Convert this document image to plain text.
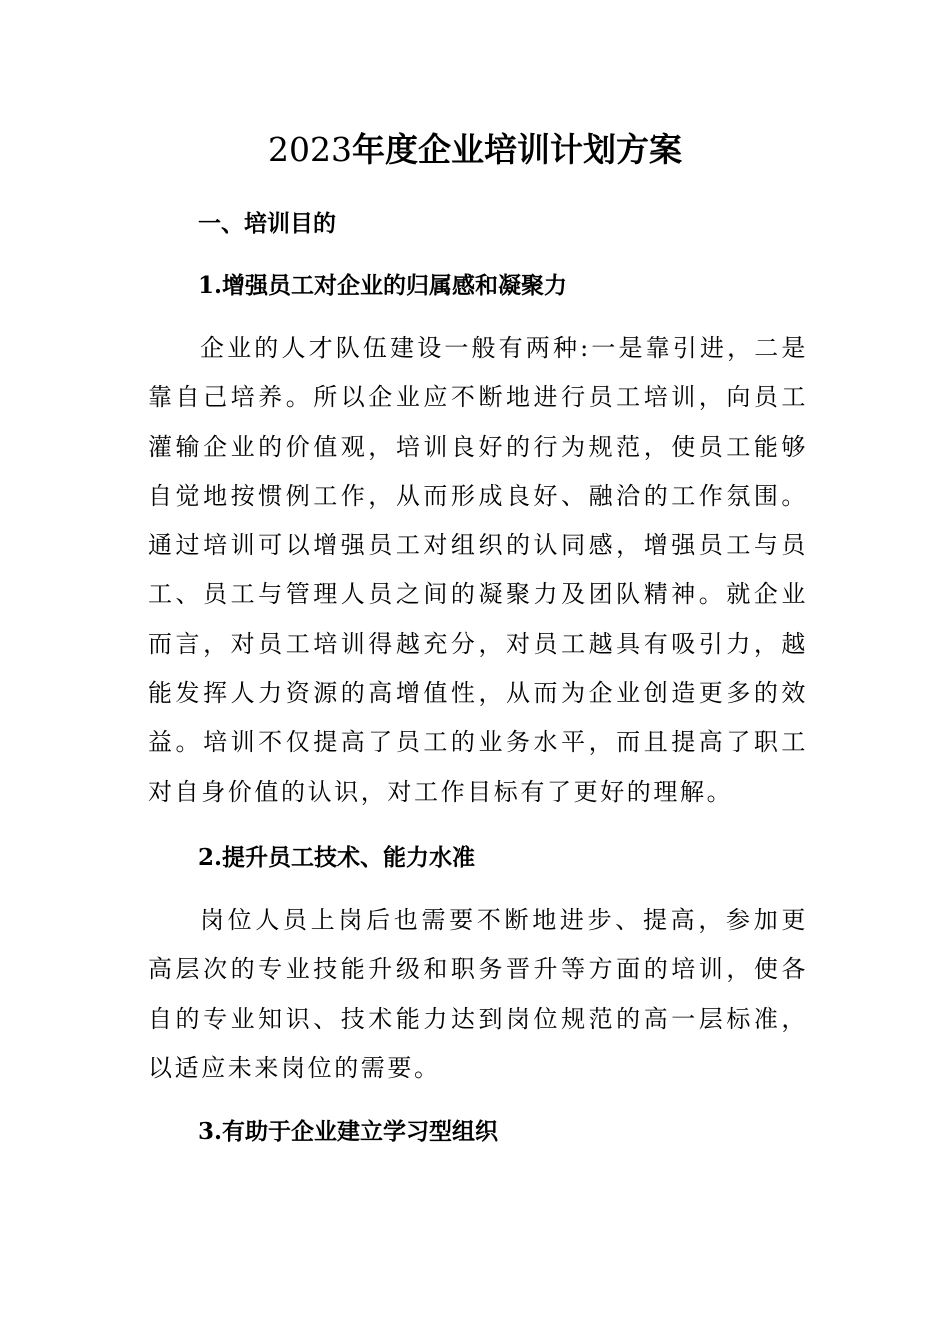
2023年度企业培训计划方案
一、培训目的
1.增强员工对企业的归属感和凝聚力

企业的人才队伍建设一般有两种:一是靠引进，二是靠自己培养。所以企业应不断地进行员工培训，向员工灌输企业的价值观，培训良好的行为规范，使员工能够自觉地按惯例工作，从而形成良好、融洽的工作氛围。通过培训可以增强员工对组织的认同感，增强员工与员工、员工与管理人员之间的凝聚力及团队精神。就企业而言，对员工培训得越充分，对员工越具有吸引力，越能发挥人力资源的高增值性，从而为企业创造更多的效益。培训不仅提高了员工的业务水平，而且提高了职工对自身价值的认识，对工作目标有了更好的理解。

2.提升员工技术、能力水准

岗位人员上岗后也需要不断地进步、提高，参加更高层次的专业技能升级和职务晋升等方面的培训，使各自的专业知识、技术能力达到岗位规范的高一层标准，以适应未来岗位的需要。

3.有助于企业建立学习型组织
